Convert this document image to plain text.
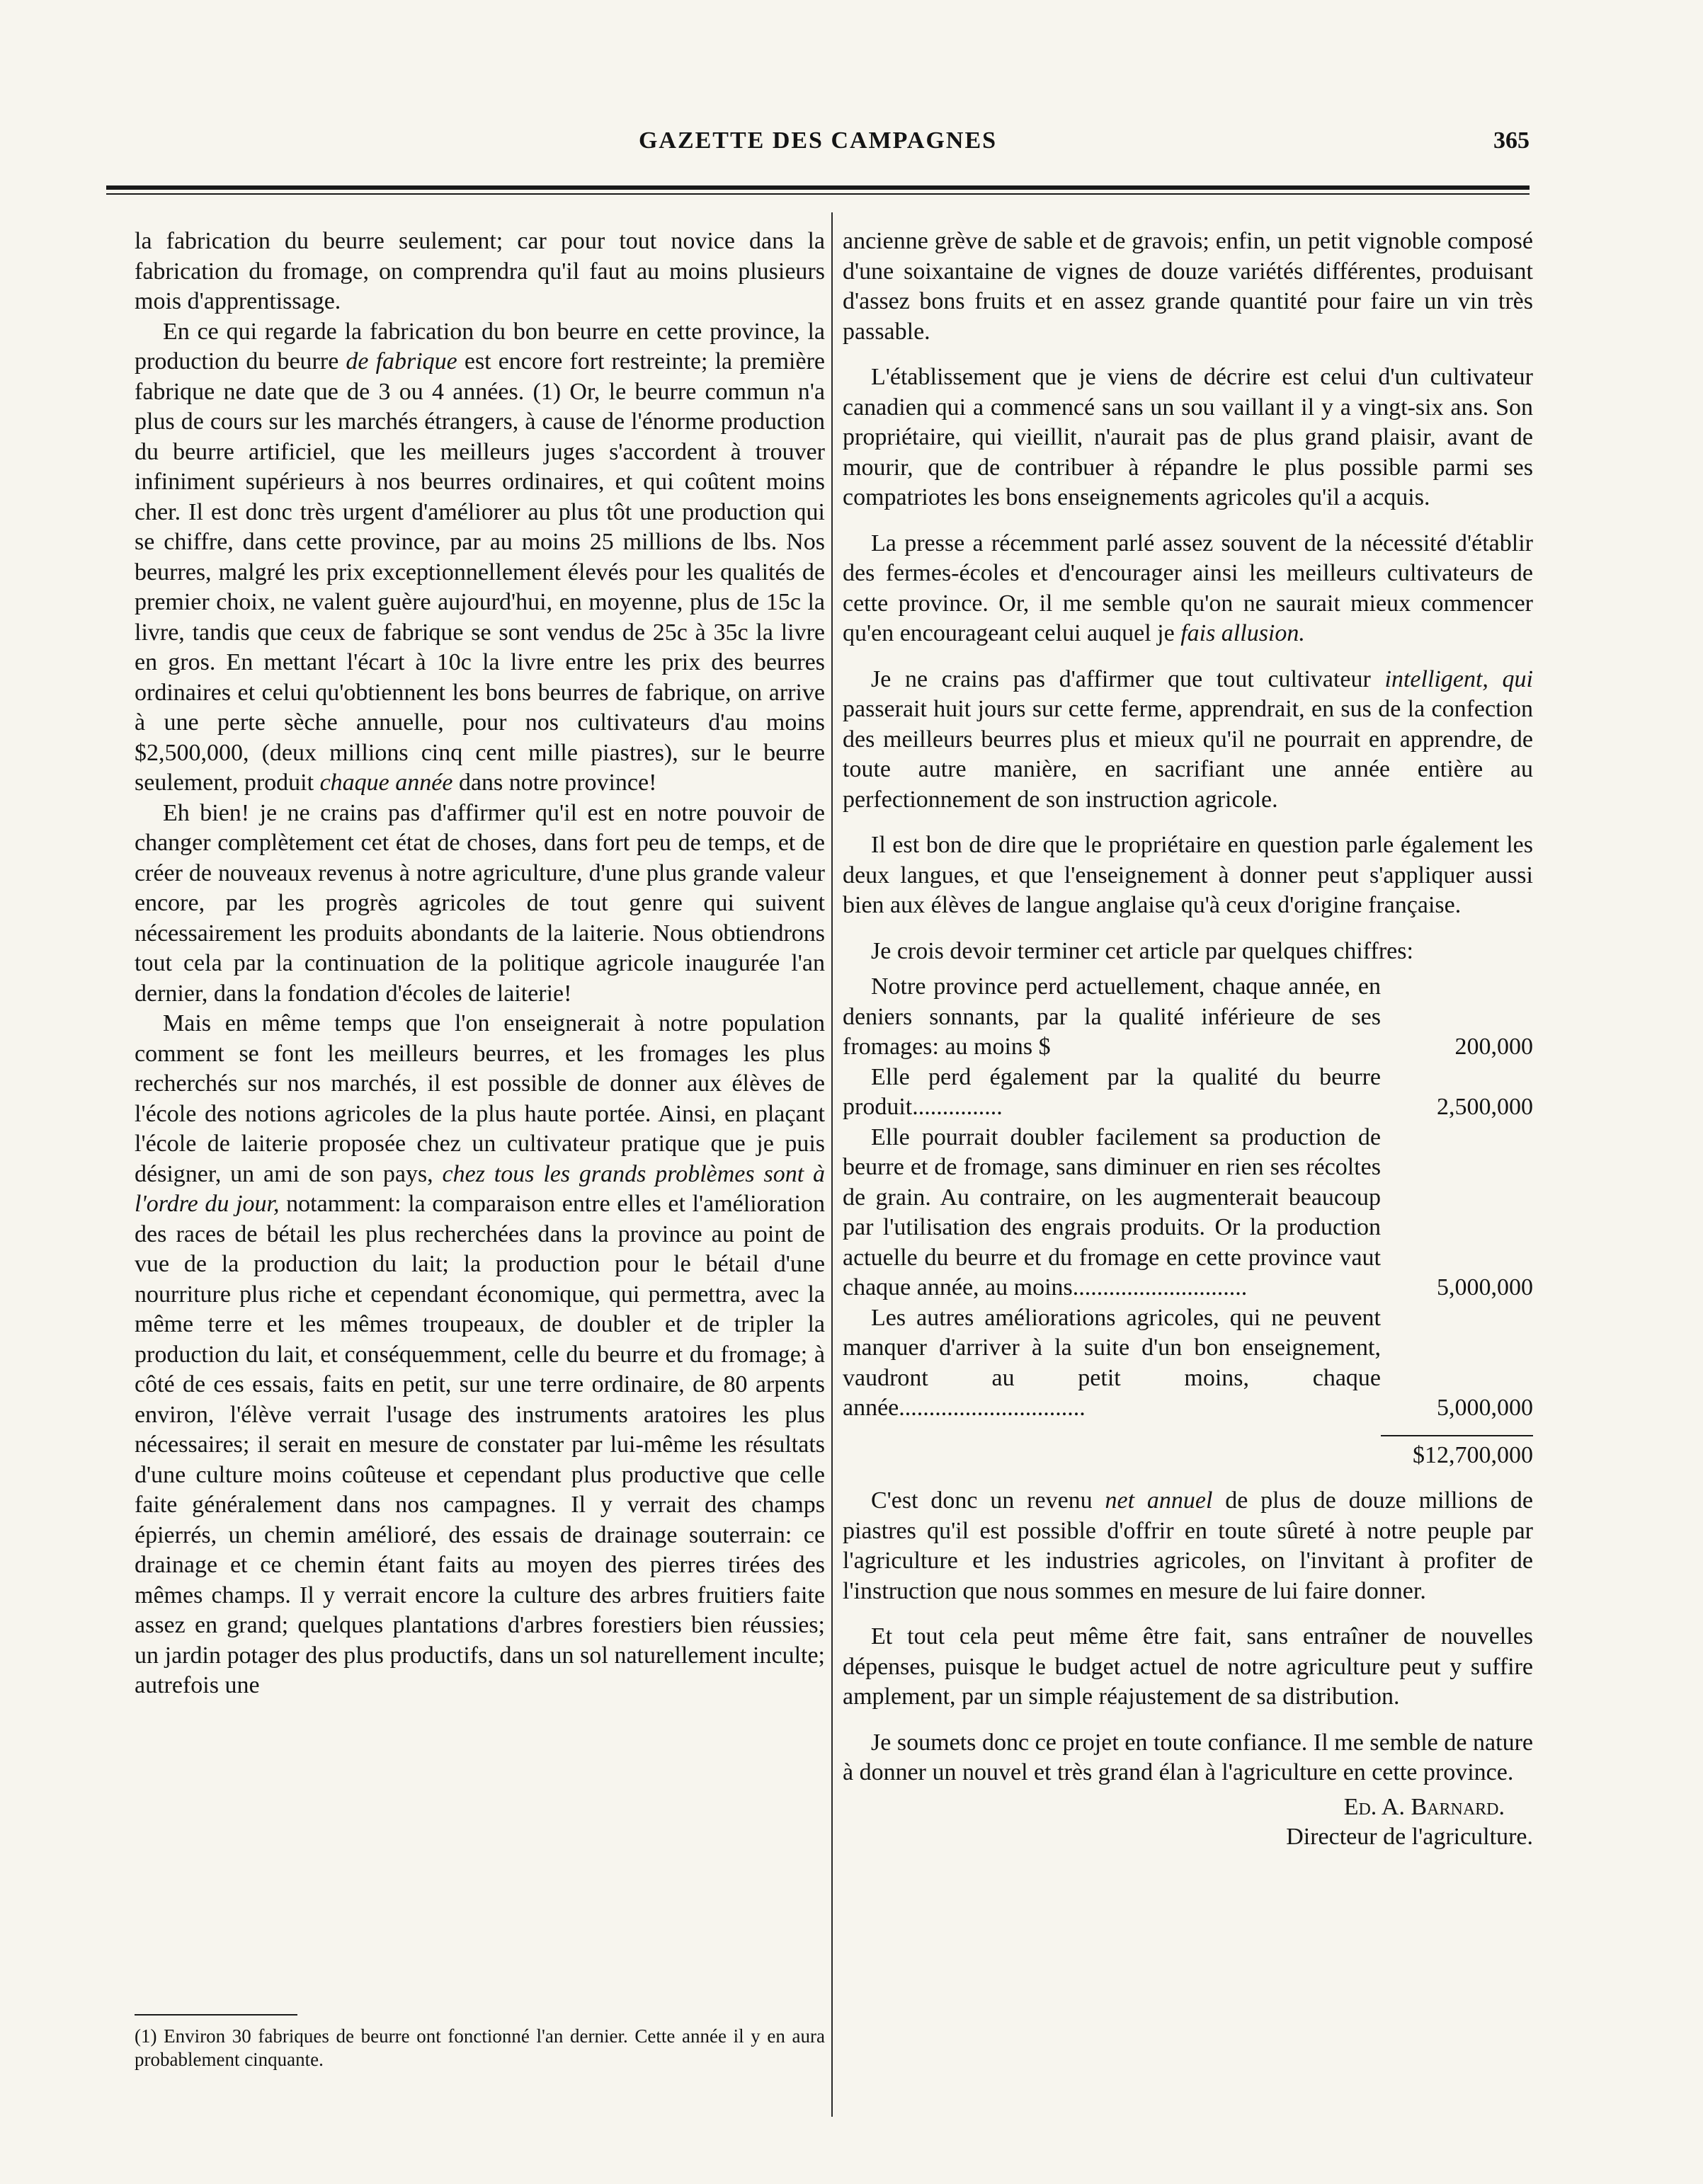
GAZETTE DES CAMPAGNES	365

la fabrication du beurre seulement; car pour tout novice dans la fabrication du fromage, on comprendra qu'il faut au moins plusieurs mois d'apprentissage.

En ce qui regarde la fabrication du bon beurre en cette province, la production du beurre de fabrique est encore fort restreinte; la première fabrique ne date que de 3 ou 4 années. (1) Or, le beurre commun n'a plus de cours sur les marchés étrangers, à cause de l'énorme production du beurre artificiel, que les meilleurs juges s'accordent à trouver infiniment supérieurs à nos beurres ordinaires, et qui coûtent moins cher. Il est donc très urgent d'améliorer au plus tôt une production qui se chiffre, dans cette province, par au moins 25 millions de lbs. Nos beurres, malgré les prix exceptionnellement élevés pour les qualités de premier choix, ne valent guère aujourd'hui, en moyenne, plus de 15c la livre, tandis que ceux de fabrique se sont vendus de 25c à 35c la livre en gros. En mettant l'écart à 10c la livre entre les prix des beurres ordinaires et celui qu'obtiennent les bons beurres de fabrique, on arrive à une perte sèche annuelle, pour nos cultivateurs d'au moins $2,500,000, (deux millions cinq cent mille piastres), sur le beurre seulement, produit chaque année dans notre province!

Eh bien! je ne crains pas d'affirmer qu'il est en notre pouvoir de changer complètement cet état de choses, dans fort peu de temps, et de créer de nouveaux revenus à notre agriculture, d'une plus grande valeur encore, par les progrès agricoles de tout genre qui suivent nécessairement les produits abondants de la laiterie. Nous obtiendrons tout cela par la continuation de la politique agricole inaugurée l'an dernier, dans la fondation d'écoles de laiterie!

Mais en même temps que l'on enseignerait à notre population comment se font les meilleurs beurres, et les fromages les plus recherchés sur nos marchés, il est possible de donner aux élèves de l'école des notions agricoles de la plus haute portée. Ainsi, en plaçant l'école de laiterie proposée chez un cultivateur pratique que je puis désigner, un ami de son pays, chez tous les grands problèmes sont à l'ordre du jour, notamment: la comparaison entre elles et l'amélioration des races de bétail les plus recherchées dans la province au point de vue de la production du lait; la production pour le bétail d'une nourriture plus riche et cependant économique, qui permettra, avec la même terre et les mêmes troupeaux, de doubler et de tripler la production du lait, et conséquemment, celle du beurre et du fromage; à côté de ces essais, faits en petit, sur une terre ordinaire, de 80 arpents environ, l'élève verrait l'usage des instruments aratoires les plus nécessaires; il serait en mesure de constater par lui-même les résultats d'une culture moins coûteuse et cependant plus productive que celle faite généralement dans nos campagnes. Il y verrait des champs épierrés, un chemin amélioré, des essais de drainage souterrain: ce drainage et ce chemin étant faits au moyen des pierres tirées des mêmes champs. Il y verrait encore la culture des arbres fruitiers faite assez en grand; quelques plantations d'arbres forestiers bien réussies; un jardin potager des plus productifs, dans un sol naturellement inculte; autrefois une

(1) Environ 30 fabriques de beurre ont fonctionné l'an dernier. Cette année il y en aura probablement cinquante.

ancienne grève de sable et de gravois; enfin, un petit vignoble composé d'une soixantaine de vignes de douze variétés différentes, produisant d'assez bons fruits et en assez grande quantité pour faire un vin très passable.

L'établissement que je viens de décrire est celui d'un cultivateur canadien qui a commencé sans un sou vaillant il y a vingt-six ans. Son propriétaire, qui vieillit, n'aurait pas de plus grand plaisir, avant de mourir, que de contribuer à répandre le plus possible parmi ses compatriotes les bons enseignements agricoles qu'il a acquis.

La presse a récemment parlé assez souvent de la nécessité d'établir des fermes-écoles et d'encourager ainsi les meilleurs cultivateurs de cette province. Or, il me semble qu'on ne saurait mieux commencer qu'en encourageant celui auquel je fais allusion.

Je ne crains pas d'affirmer que tout cultivateur intelligent, qui passerait huit jours sur cette ferme, apprendrait, en sus de la confection des meilleurs beurres plus et mieux qu'il ne pourrait en apprendre, de toute autre manière, en sacrifiant une année entière au perfectionnement de son instruction agricole.

Il est bon de dire que le propriétaire en question parle également les deux langues, et que l'enseignement à donner peut s'appliquer aussi bien aux élèves de langue anglaise qu'à ceux d'origine française.

Je crois devoir terminer cet article par quelques chiffres:

Notre province perd actuellement, chaque année, en deniers sonnants, par la qualité inférieure de ses fromages: au moins $	200,000
Elle perd également par la qualité du beurre produit...............	2,500,000
Elle pourrait doubler facilement sa production de beurre et de fromage, sans diminuer en rien ses récoltes de grain. Au contraire, on les augmenterait beaucoup par l'utilisation des engrais produits. Or la production actuelle du beurre et du fromage en cette province vaut chaque année, au moins.............................	5,000,000
Les autres améliorations agricoles, qui ne peuvent manquer d'arriver à la suite d'un bon enseignement, vaudront au petit moins, chaque année...............................	5,000,000
$12,700,000

C'est donc un revenu net annuel de plus de douze millions de piastres qu'il est possible d'offrir en toute sûreté à notre peuple par l'agriculture et les industries agricoles, on l'invitant à profiter de l'instruction que nous sommes en mesure de lui faire donner.

Et tout cela peut même être fait, sans entraîner de nouvelles dépenses, puisque le budget actuel de notre agriculture peut y suffire amplement, par un simple réajustement de sa distribution.

Je soumets donc ce projet en toute confiance. Il me semble de nature à donner un nouvel et très grand élan à l'agriculture en cette province.

Ed. A. Barnard.
Directeur de l'agriculture.
